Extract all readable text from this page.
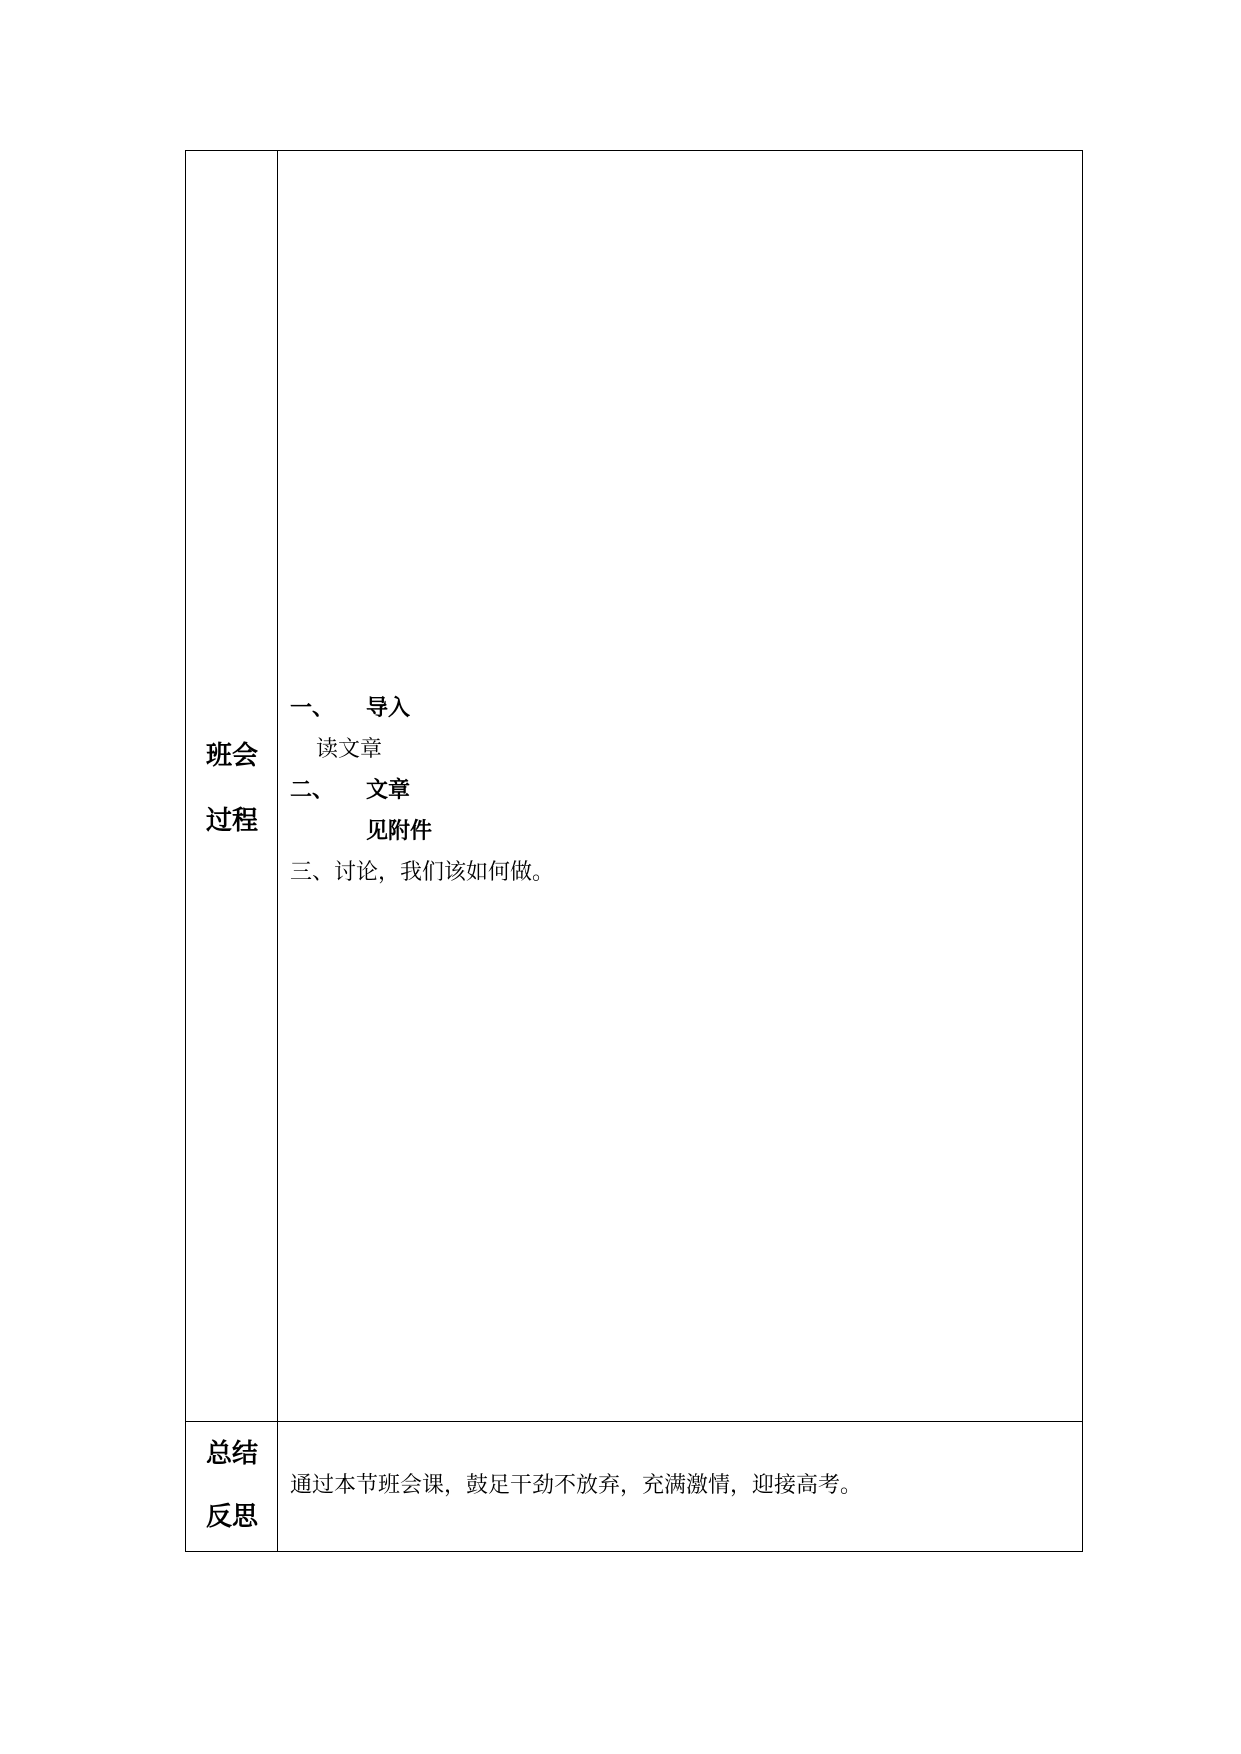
班会
过程
一、 导入
读文章
二、 文章
见附件
三、讨论，我们该如何做。
总结
反思
通过本节班会课，鼓足干劲不放弃，充满激情，迎接高考。
